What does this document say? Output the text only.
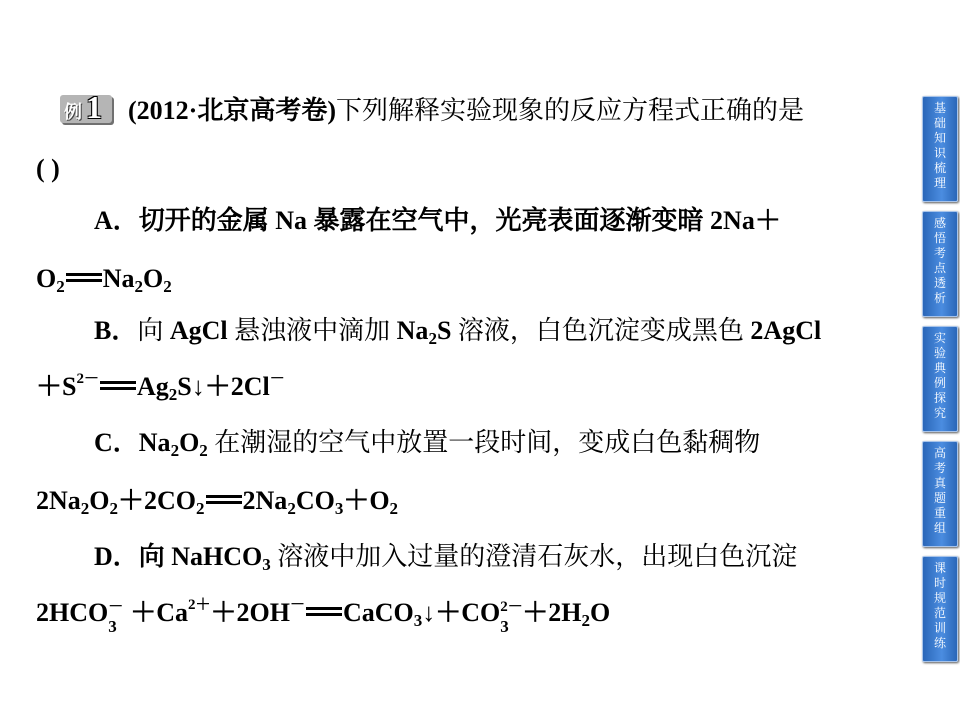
例 1 (2012·北京高考卷)下列解释实验现象的反应方程式正确的是
( )
A．切开的金属 Na 暴露在空气中，光亮表面逐渐变暗 2Na＋
$O_2$ $Na_2O_2$
B．向 AgCl 悬浊液中滴加 $Na_2S$ 溶液，白色沉淀变成黑色 2AgCl
$+S^{2-}$ $Ag_2S↓+2Cl^-$
C．$Na_2O_2$ 在潮湿的空气中放置一段时间，变成白色黏稠物
$2Na_2O_2+2CO_2$ $2Na_2CO_3+O_2$
D．向 NaHCO$_3$ 溶液中加入过量的澄清石灰水，出现白色沉淀
2HCO －
$3 +Ca^{2+}+2OH^-$ CaCO$_3$↓＋CO 2－
$3 +2H_2O$
基
础
知
识
梳
理
感
悟
考
点
透
析
实
验
典
例
探
究
高
考
真
题
重
组
课
时
规
范
训
练
